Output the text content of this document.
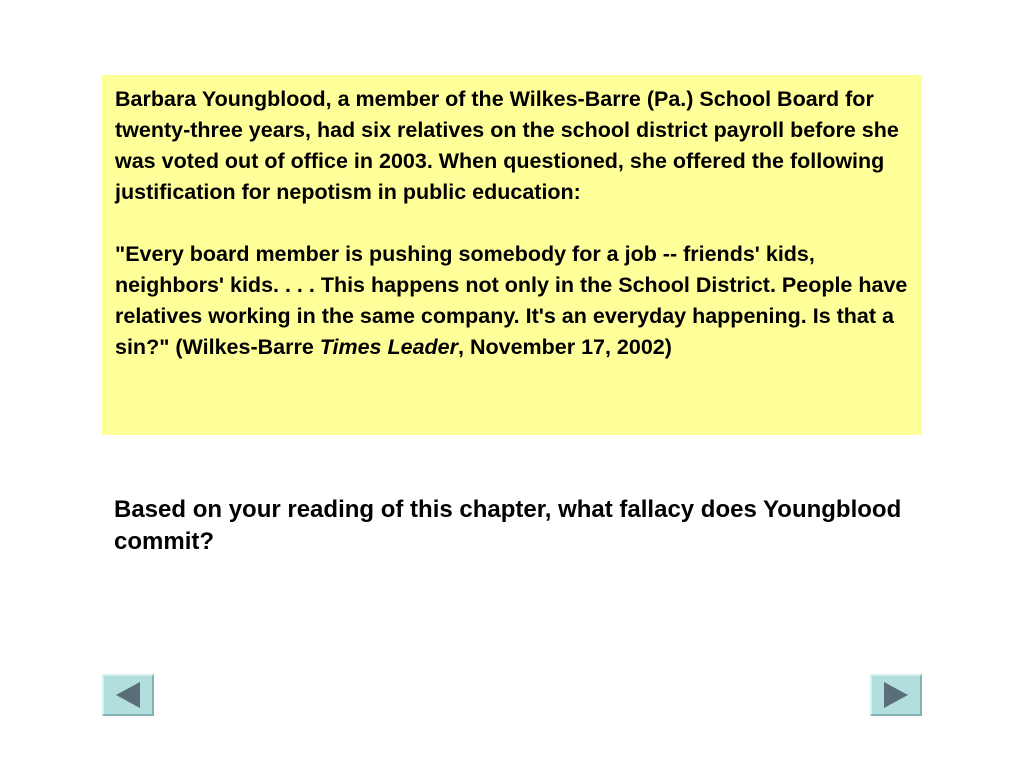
Barbara Youngblood, a member of the Wilkes-Barre (Pa.) School Board for twenty-three years, had six relatives on the school district payroll before she was voted out of office in 2003. When questioned, she offered the following justification for nepotism in public education:

"Every board member is pushing somebody for a job -- friends' kids, neighbors' kids. . . . This happens not only in the School District. People have relatives working in the same company. It's an everyday happening. Is that a sin?" (Wilkes-Barre Times Leader, November 17, 2002)

Based on your reading of this chapter, what fallacy does Youngblood commit?
